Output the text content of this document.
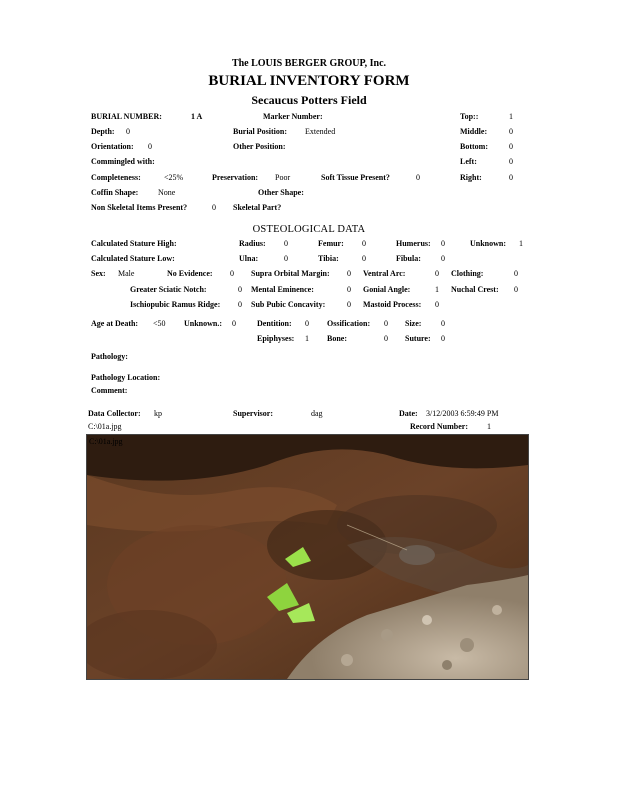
The LOUIS BERGER GROUP, Inc.
BURIAL INVENTORY FORM
Secaucus Potters Field
BURIAL NUMBER:	1 A	Marker Number:	Top::	1
Depth: 0	Burial Position: Extended	Middle:	0
Orientation: 0	Other Position:	Bottom:	0
Commingled with:	Left:	0
Completeness:	<25%	Preservation: Poor	Soft Tissue Present?	0	Right:	0
Coffin Shape: None	Other Shape:
Non Skeletal Items Present?	0 Skeletal Part?
OSTEOLOGICAL DATA
Calculated Stature High:	Radius: 0	Femur: 0	Humerus: 0	Unknown: 1
Calculated Stature Low:	Ulna:	0	Tibia:	0	Fibula:	0
Sex: Male	No Evidence: 0 Supra Orbital Margin: 0 Ventral Arc:	0 Clothing:	0
Greater Sciatic Notch:	0 Mental Eminence:	0 Gonial Angle:	1 Nuchal Crest: 0
Ischiopubic Ramus Ridge: 0 Sub Pubic Concavity:	0 Mastoid Process: 0
Age at Death: <50 Unknown.: 0	Dentition: 0 Ossification: 0 Size: 0
Epiphyses: 1 Bone:	0 Suture: 0
Pathology:
Pathology Location:
Comment:
Data Collector: kp	Supervisor:	dag	Date: 3/12/2003 6:59:49 PM
C:\01a.jpg	Record Number: 1
C:\01a.jpg
